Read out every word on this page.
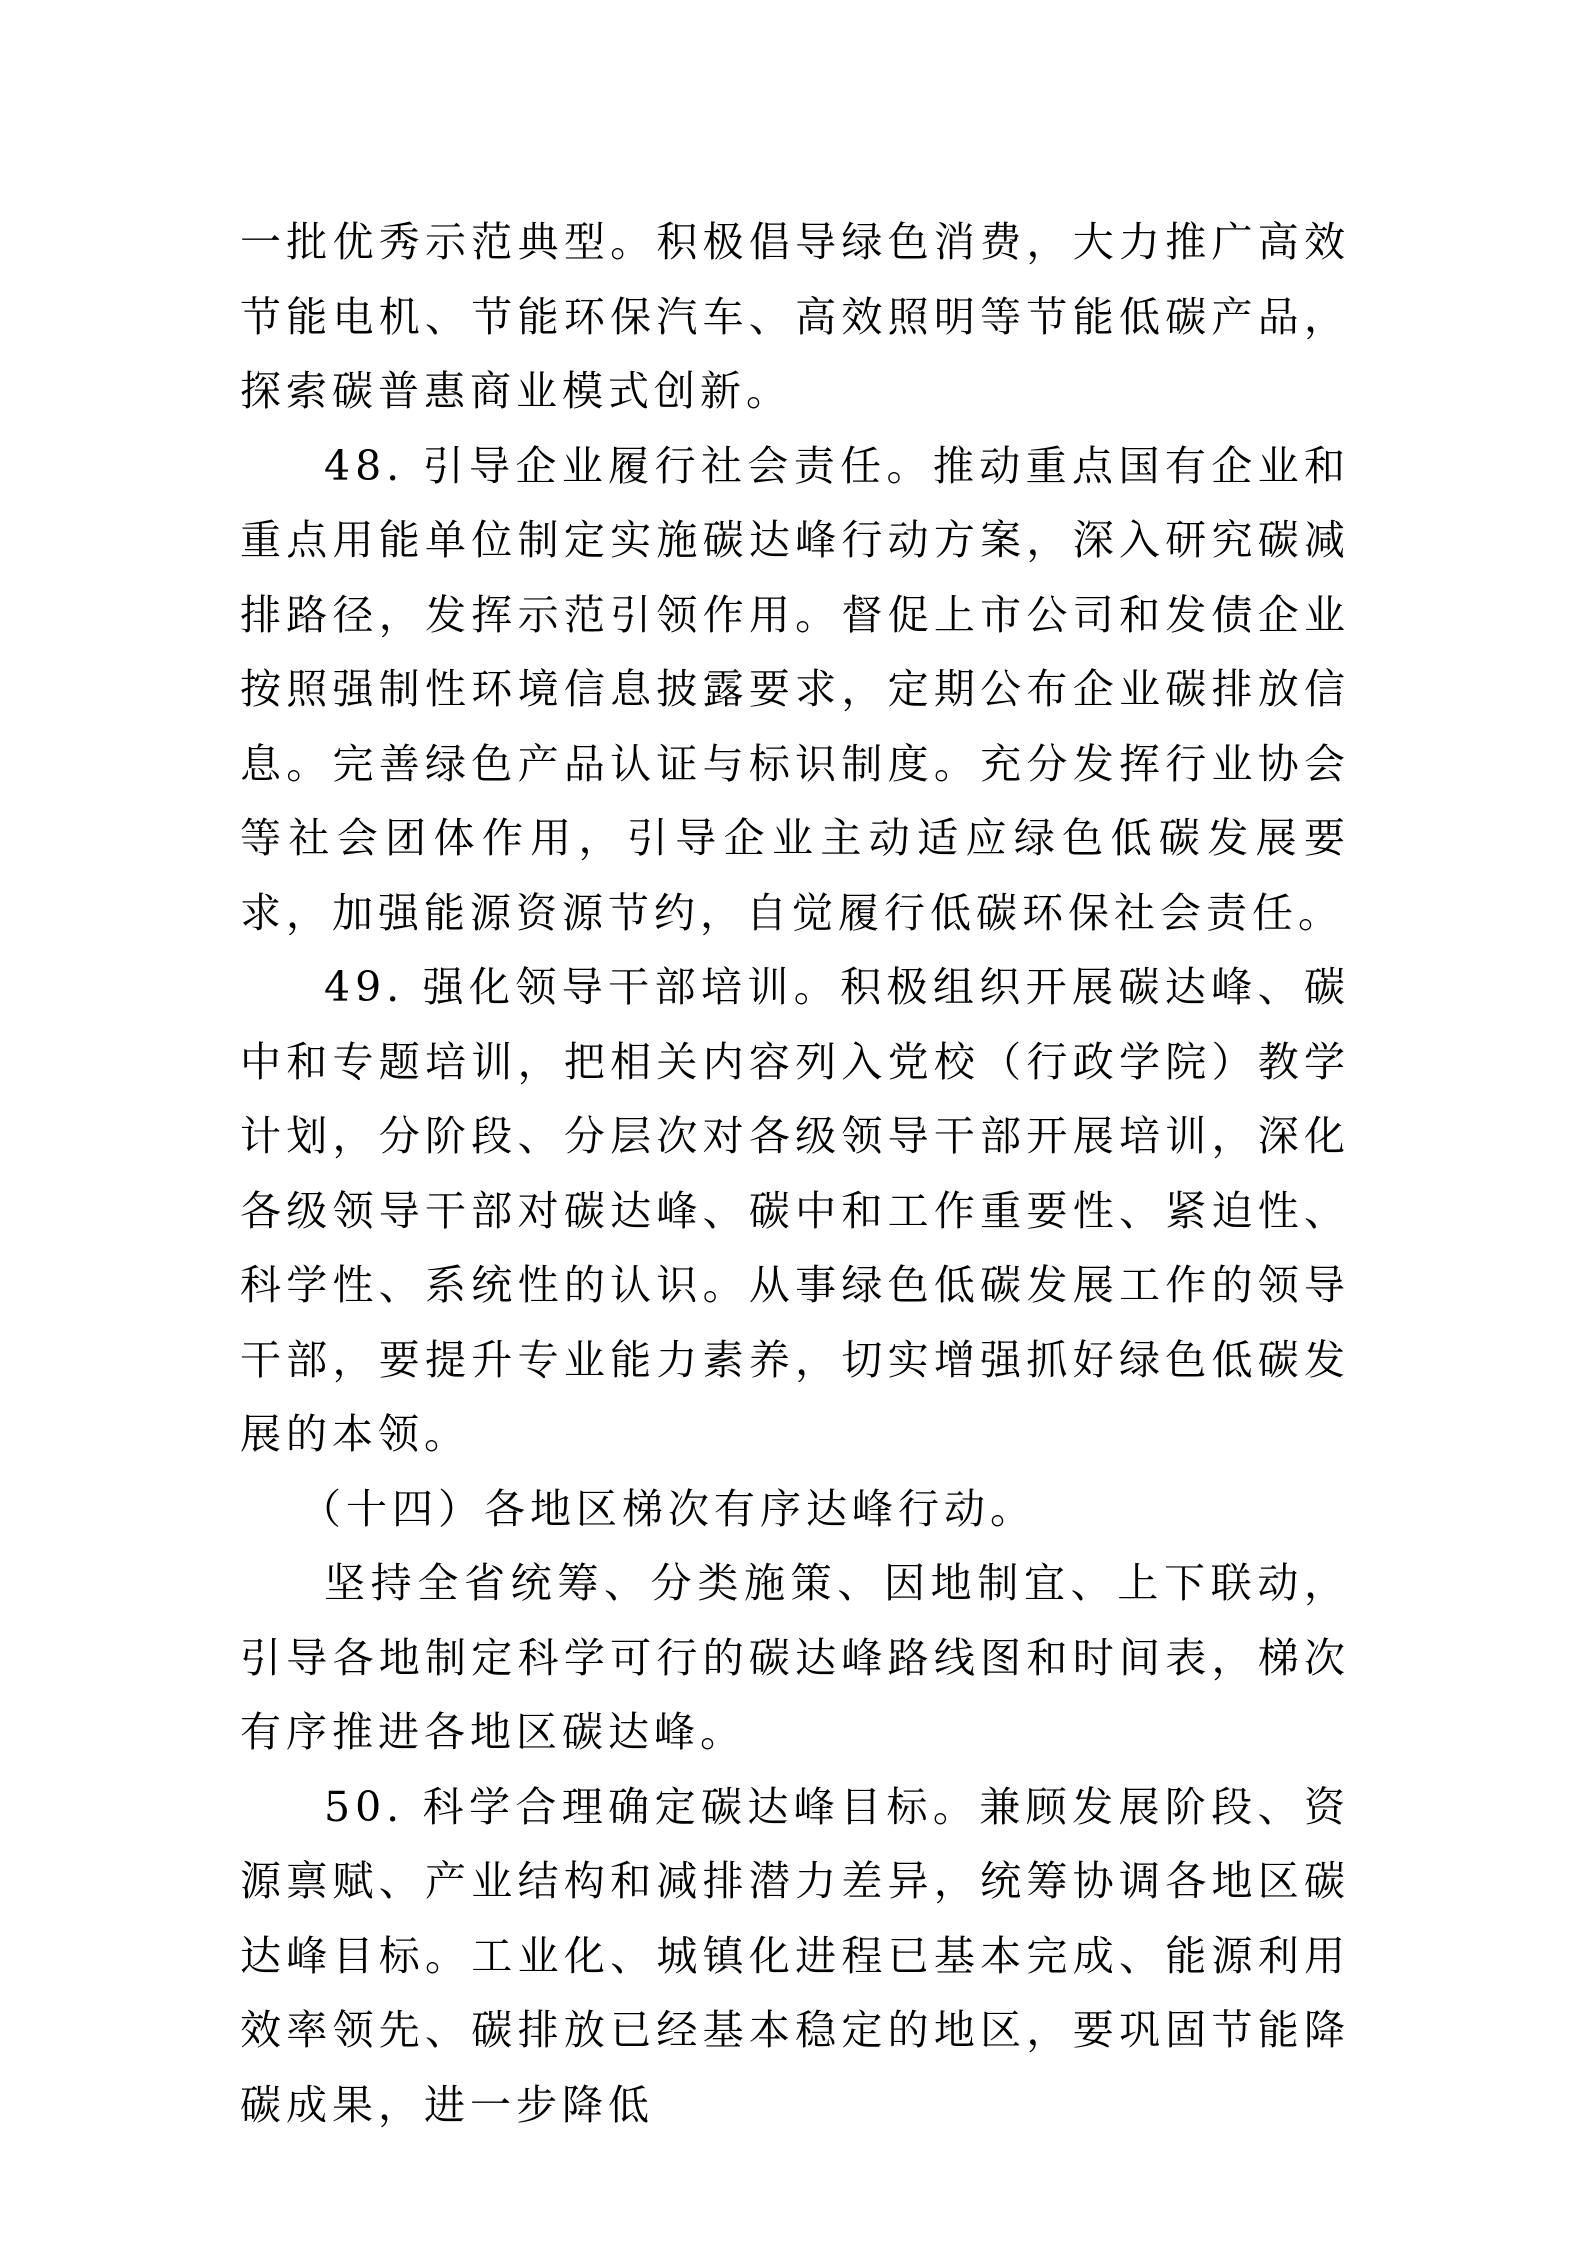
一批优秀示范典型。积极倡导绿色消费，大力推广高效节能电机、节能环保汽车、高效照明等节能低碳产品，探索碳普惠商业模式创新。

48. 引导企业履行社会责任。推动重点国有企业和重点用能单位制定实施碳达峰行动方案，深入研究碳减排路径，发挥示范引领作用。督促上市公司和发债企业按照强制性环境信息披露要求，定期公布企业碳排放信息。完善绿色产品认证与标识制度。充分发挥行业协会等社会团体作用，引导企业主动适应绿色低碳发展要求，加强能源资源节约，自觉履行低碳环保社会责任。

49. 强化领导干部培训。积极组织开展碳达峰、碳中和专题培训，把相关内容列入党校（行政学院）教学计划，分阶段、分层次对各级领导干部开展培训，深化各级领导干部对碳达峰、碳中和工作重要性、紧迫性、科学性、系统性的认识。从事绿色低碳发展工作的领导干部，要提升专业能力素养，切实增强抓好绿色低碳发展的本领。

（十四）各地区梯次有序达峰行动。

坚持全省统筹、分类施策、因地制宜、上下联动，引导各地制定科学可行的碳达峰路线图和时间表，梯次有序推进各地区碳达峰。

50. 科学合理确定碳达峰目标。兼顾发展阶段、资源禀赋、产业结构和减排潜力差异，统筹协调各地区碳达峰目标。工业化、城镇化进程已基本完成、能源利用效率领先、碳排放已经基本稳定的地区，要巩固节能降碳成果，进一步降低
